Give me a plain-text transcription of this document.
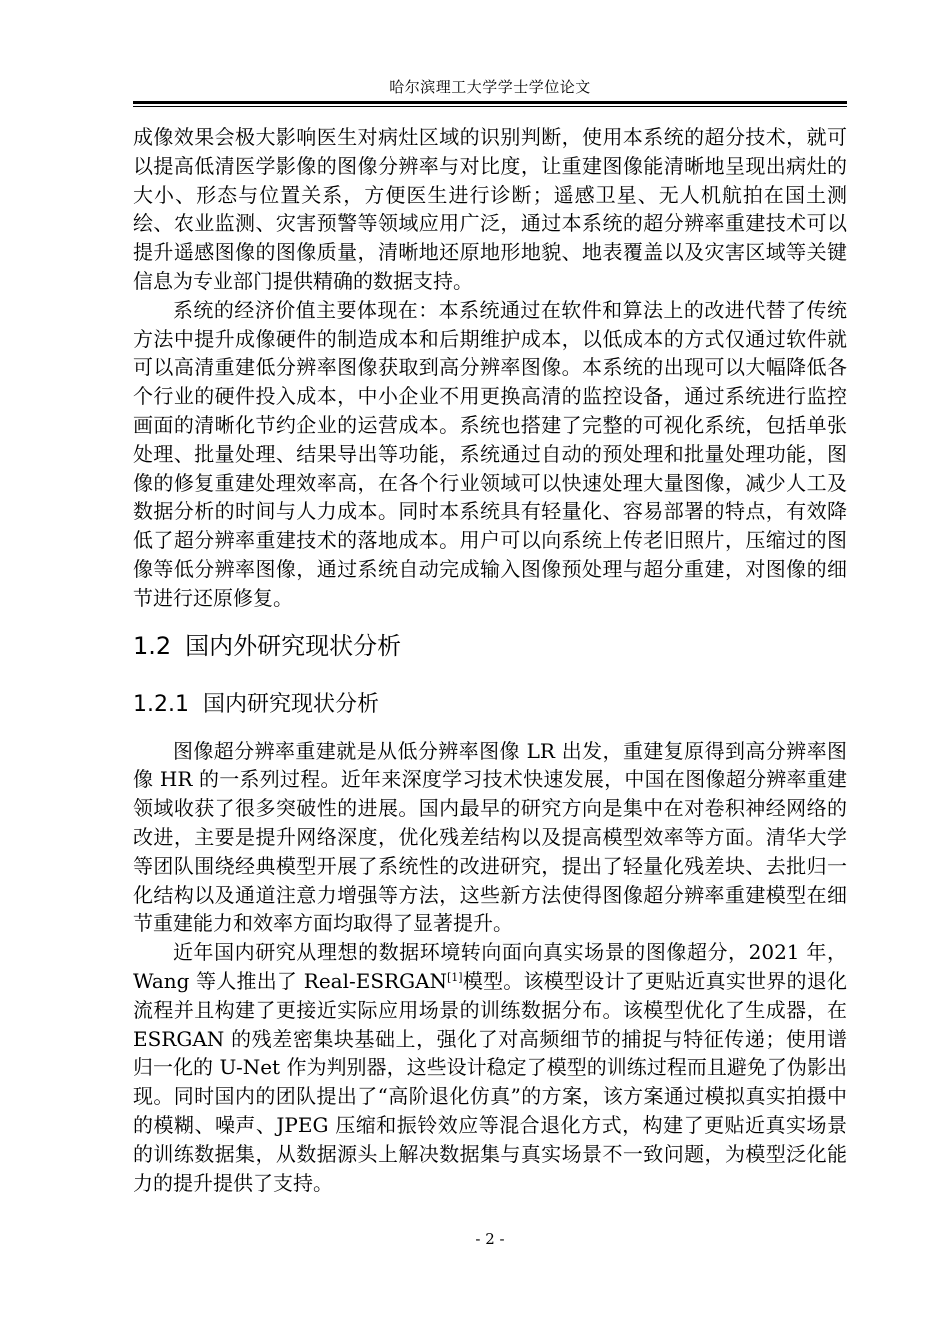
哈尔滨理工大学学士学位论文

成像效果会极大影响医生对病灶区域的识别判断，使用本系统的超分技术，就可以提高低清医学影像的图像分辨率与对比度，让重建图像能清晰地呈现出病灶的大小、形态与位置关系，方便医生进行诊断；遥感卫星、无人机航拍在国土测绘、农业监测、灾害预警等领域应用广泛，通过本系统的超分辨率重建技术可以提升遥感图像的图像质量，清晰地还原地形地貌、地表覆盖以及灾害区域等关键信息为专业部门提供精确的数据支持。

系统的经济价值主要体现在：本系统通过在软件和算法上的改进代替了传统方法中提升成像硬件的制造成本和后期维护成本，以低成本的方式仅通过软件就可以高清重建低分辨率图像获取到高分辨率图像。本系统的出现可以大幅降低各个行业的硬件投入成本，中小企业不用更换高清的监控设备，通过系统进行监控画面的清晰化节约企业的运营成本。系统也搭建了完整的可视化系统，包括单张处理、批量处理、结果导出等功能，系统通过自动的预处理和批量处理功能，图像的修复重建处理效率高，在各个行业领域可以快速处理大量图像，减少人工及数据分析的时间与人力成本。同时本系统具有轻量化、容易部署的特点，有效降低了超分辨率重建技术的落地成本。用户可以向系统上传老旧照片，压缩过的图像等低分辨率图像，通过系统自动完成输入图像预处理与超分重建，对图像的细节进行还原修复。

1.2 国内外研究现状分析
1.2.1 国内研究现状分析

图像超分辨率重建就是从低分辨率图像 LR 出发，重建复原得到高分辨率图像 HR 的一系列过程。近年来深度学习技术快速发展，中国在图像超分辨率重建领域收获了很多突破性的进展。国内最早的研究方向是集中在对卷积神经网络的改进，主要是提升网络深度，优化残差结构以及提高模型效率等方面。清华大学等团队围绕经典模型开展了系统性的改进研究，提出了轻量化残差块、去批归一化结构以及通道注意力增强等方法，这些新方法使得图像超分辨率重建模型在细节重建能力和效率方面均取得了显著提升。

近年国内研究从理想的数据环境转向面向真实场景的图像超分，2021 年，Wang 等人推出了 Real-ESRGAN[1]模型。该模型设计了更贴近真实世界的退化流程并且构建了更接近实际应用场景的训练数据分布。该模型优化了生成器，在 ESRGAN 的残差密集块基础上，强化了对高频细节的捕捉与特征传递；使用谱归一化的 U-Net 作为判别器，这些设计稳定了模型的训练过程而且避免了伪影出现。同时国内的团队提出了“高阶退化仿真”的方案，该方案通过模拟真实拍摄中的模糊、噪声、JPEG 压缩和振铃效应等混合退化方式，构建了更贴近真实场景的训练数据集，从数据源头上解决数据集与真实场景不一致问题，为模型泛化能力的提升提供了支持。

- 2 -
